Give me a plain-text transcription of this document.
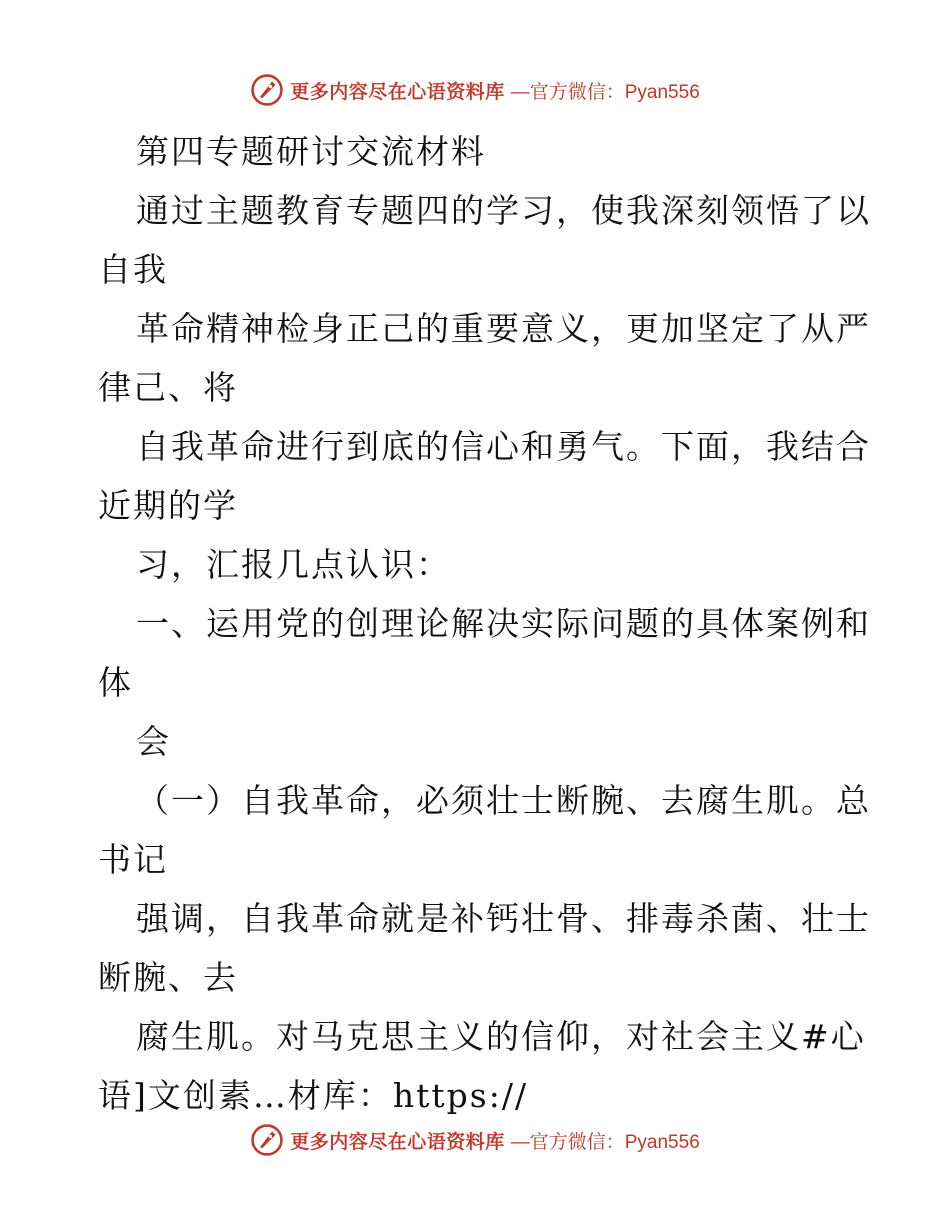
更多内容尽在心语资料库 —官方微信：Pyan556
第四专题研讨交流材料
通过主题教育专题四的学习，使我深刻领悟了以
自我
革命精神检身正己的重要意义，更加坚定了从严
律己、将
自我革命进行到底的信心和勇气。下面，我结合
近期的学
习，汇报几点认识：
一、运用党的创理论解决实际问题的具体案例和
体
会
（一）自我革命，必须壮士断腕、去腐生肌。总
书记
强调，自我革命就是补钙壮骨、排毒杀菌、壮士
断腕、去
腐生肌。对马克思主义的信仰，对社会主义#心
语]文创素…材库：https://
更多内容尽在心语资料库 —官方微信：Pyan556
